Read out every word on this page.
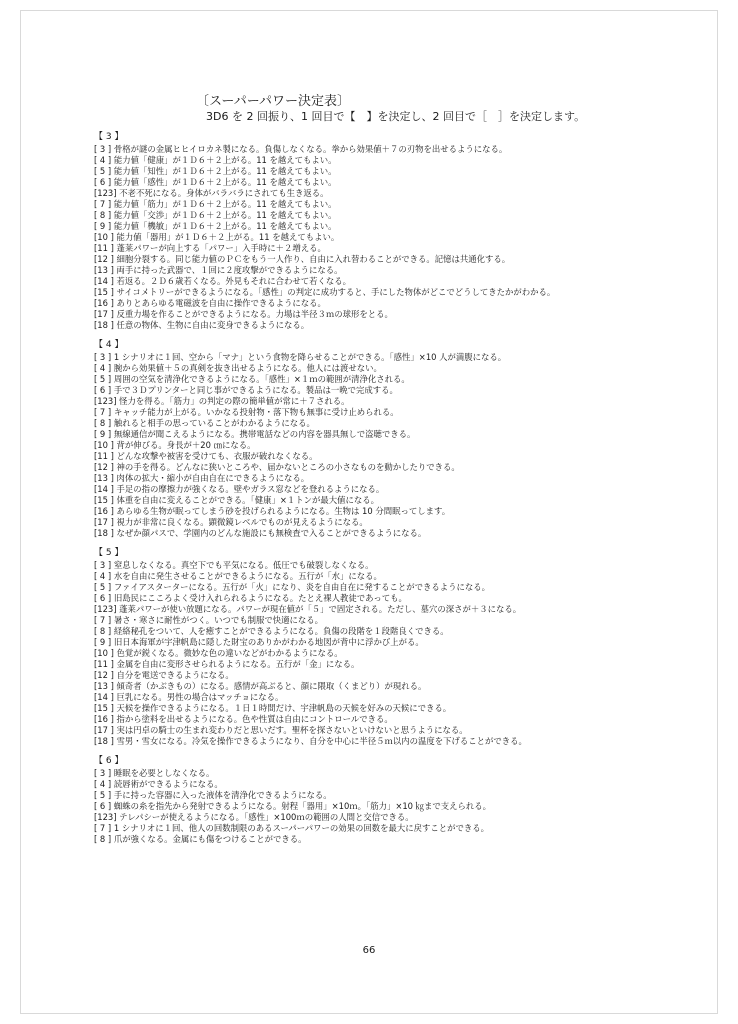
〔スーパーパワー決定表〕
3D6 を 2 回振り、1 回目で【　】を決定し、2 回目で［　］を決定します。
【 3 】
[ 3 ] 骨格が謎の金属ヒヒイロカネ製になる。負傷しなくなる。拳から効果値＋７の刃物を出せるようになる。
[ 4 ] 能力値「健康」が１Ｄ６＋２上がる。11 を越えてもよい。
[ 5 ] 能力値「知性」が１Ｄ６＋２上がる。11 を越えてもよい。
[ 6 ] 能力値「感性」が１Ｄ６＋２上がる。11 を越えてもよい。
[123] 不老不死になる。身体がバラバラにされても生き返る。
[ 7 ] 能力値「筋力」が１Ｄ６＋２上がる。11 を越えてもよい。
[ 8 ] 能力値「交渉」が１Ｄ６＋２上がる。11 を越えてもよい。
[ 9 ] 能力値「機敏」が１Ｄ６＋２上がる。11 を越えてもよい。
[10 ] 能力値「器用」が１Ｄ６＋２上がる。11 を越えてもよい。
[11 ] 蓬莱パワーが向上する「パワー」入手時に＋２増える。
[12 ] 細胞分裂する。同じ能力値のＰＣをもう一人作り、自由に入れ替わることができる。記憶は共通化する。
[13 ] 両手に持った武器で、１回に２度攻撃ができるようになる。
[14 ] 若返る。２Ｄ６歳若くなる。外見もそれに合わせて若くなる。
[15 ] サイコメトリーができるようになる。「感性」の判定に成功すると、手にした物体がどこでどうしてきたかがわかる。
[16 ] ありとあらゆる電磁波を自由に操作できるようになる。
[17 ] 反重力場を作ることができるようになる。力場は半径３ｍの球形をとる。
[18 ] 任意の物体、生物に自由に変身できるようになる。
【 4 】
[ 3 ] 1 シナリオに１回、空から「マナ」という食物を降らせることができる。「感性」×10 人が満腹になる。
[ 4 ] 腕から効果値＋５の真剣を抜き出せるようになる。他人には渡せない。
[ 5 ] 周囲の空気を清浄化できるようになる。「感性」×１ｍの範囲が清浄化される。
[ 6 ] 手で３Ｄプリンターと同じ事ができるようになる。製品は一晩で完成する。
[123] 怪力を得る。「筋力」の判定の際の簡単値が常に＋７される。
[ 7 ] キャッチ能力が上がる。いかなる投射物・落下物も無事に受け止められる。
[ 8 ] 触れると相手の思っていることがわかるようになる。
[ 9 ] 無線通信が聞こえるようになる。携帯電話などの内容を器具無しで盗聴できる。
[10 ] 背が伸びる。身長が＋20 ㎝になる。
[11 ] どんな攻撃や被害を受けても、衣服が破れなくなる。
[12 ] 神の手を得る。どんなに狭いところや、届かないところの小さなものを動かしたりできる。
[13 ] 肉体の拡大・縮小が自由自在にできるようになる。
[14 ] 手足の指の摩擦力が強くなる。壁やガラス窓などを登れるようになる。
[15 ] 体重を自由に変えることができる。「健康」×１トンが最大値になる。
[16 ] あらゆる生物が眠ってしまう砂を投げられるようになる。生物は 10 分間眠ってします。
[17 ] 視力が非常に良くなる。顕微鏡レベルでものが見えるようになる。
[18 ] なぜか顔パスで、学園内のどんな施設にも無検査で入ることができるようになる。
【 5 】
[ 3 ] 窒息しなくなる。真空下でも平気になる。低圧でも破裂しなくなる。
[ 4 ] 水を自由に発生させることができるようになる。五行が「水」になる。
[ 5 ] ファイアスターターになる。五行が「火」になり、炎を自由自在に発することができるようになる。
[ 6 ] 旧島民にこころよく受け入れられるようになる。たとえ裸人教徒であっても。
[123] 蓬莱パワーが使い放題になる。パワーが現在値が「５」で固定される。ただし、墓穴の深さが＋３になる。
[ 7 ] 暑さ・寒さに耐性がつく。いつでも制服で快適になる。
[ 8 ] 経絡秘孔をついて、人を癒すことができるようになる。負傷の段階を１段階良くできる。
[ 9 ] 旧日本海軍が宇津帆島に隠した財宝のありかがわかる地図が背中に浮かび上がる。
[10 ] 色覚が鋭くなる。微妙な色の違いなどがわかるようになる。
[11 ] 金属を自由に変形させられるようになる。五行が「金」になる。
[12 ] 自分を電送できるようになる。
[13 ] 傾奇者（かぶきもの）になる。感情が高ぶると、顔に隈取（くまどり）が現れる。
[14 ] 巨乳になる。男性の場合はマッチョになる。
[15 ] 天候を操作できるようになる。１日１時間だけ、宇津帆島の天候を好みの天候にできる。
[16 ] 指から塗料を出せるようになる。色や性質は自由にコントロールできる。
[17 ] 実は円卓の騎士の生まれ変わりだと思いだす。聖杯を探さないといけないと思うようになる。
[18 ] 雪男・雪女になる。冷気を操作できるようになり、自分を中心に半径５ｍ以内の温度を下げることができる。
【 6 】
[ 3 ] 睡眠を必要としなくなる。
[ 4 ] 読唇術ができるようになる。
[ 5 ] 手に持った容器に入った液体を清浄化できるようになる。
[ 6 ] 蜘蛛の糸を指先から発射できるようになる。射程「器用」×10ｍ。「筋力」×10 ㎏まで支えられる。
[123] テレパシーが使えるようになる。「感性」×100ｍの範囲の人間と交信できる。
[ 7 ] 1 シナリオに１回、他人の回数制限のあるスーパーパワーの効果の回数を最大に戻すことができる。
[ 8 ] 爪が強くなる。金属にも傷をつけることができる。
66
